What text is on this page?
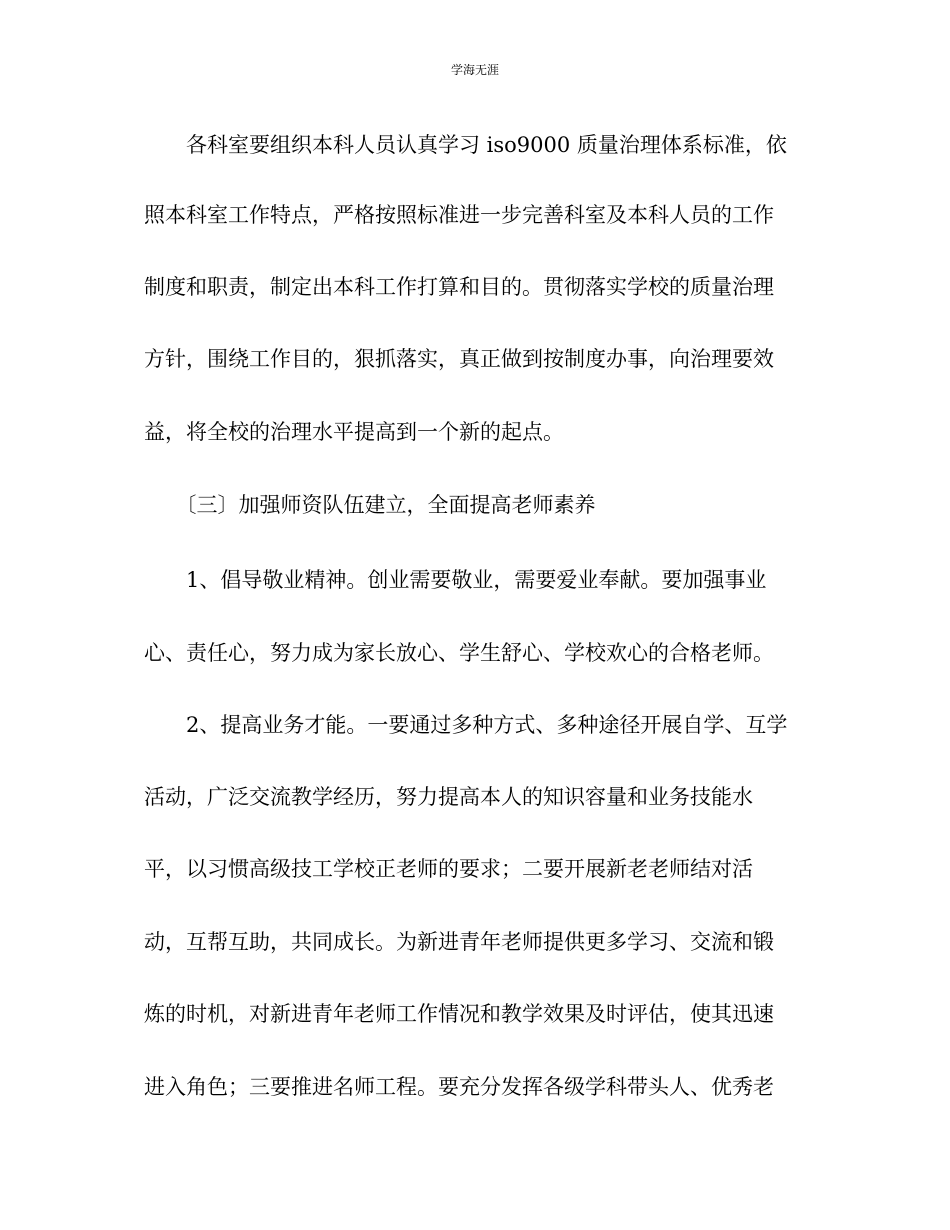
学海无涯
　　各科室要组织本科人员认真学习 iso9000 质量治理体系标准，依
照本科室工作特点，严格按照标准进一步完善科室及本科人员的工作
制度和职责，制定出本科工作打算和目的。贯彻落实学校的质量治理
方针，围绕工作目的，狠抓落实，真正做到按制度办事，向治理要效
益，将全校的治理水平提高到一个新的起点。
　　〔三〕加强师资队伍建立，全面提高老师素养
　　1、倡导敬业精神。创业需要敬业，需要爱业奉献。要加强事业
心、责任心，努力成为家长放心、学生舒心、学校欢心的合格老师。
　　2、提高业务才能。一要通过多种方式、多种途径开展自学、互学
活动，广泛交流教学经历，努力提高本人的知识容量和业务技能水
平，以习惯高级技工学校正老师的要求；二要开展新老老师结对活
动，互帮互助，共同成长。为新进青年老师提供更多学习、交流和锻
炼的时机，对新进青年老师工作情况和教学效果及时评估，使其迅速
进入角色；三要推进名师工程。要充分发挥各级学科带头人、优秀老
